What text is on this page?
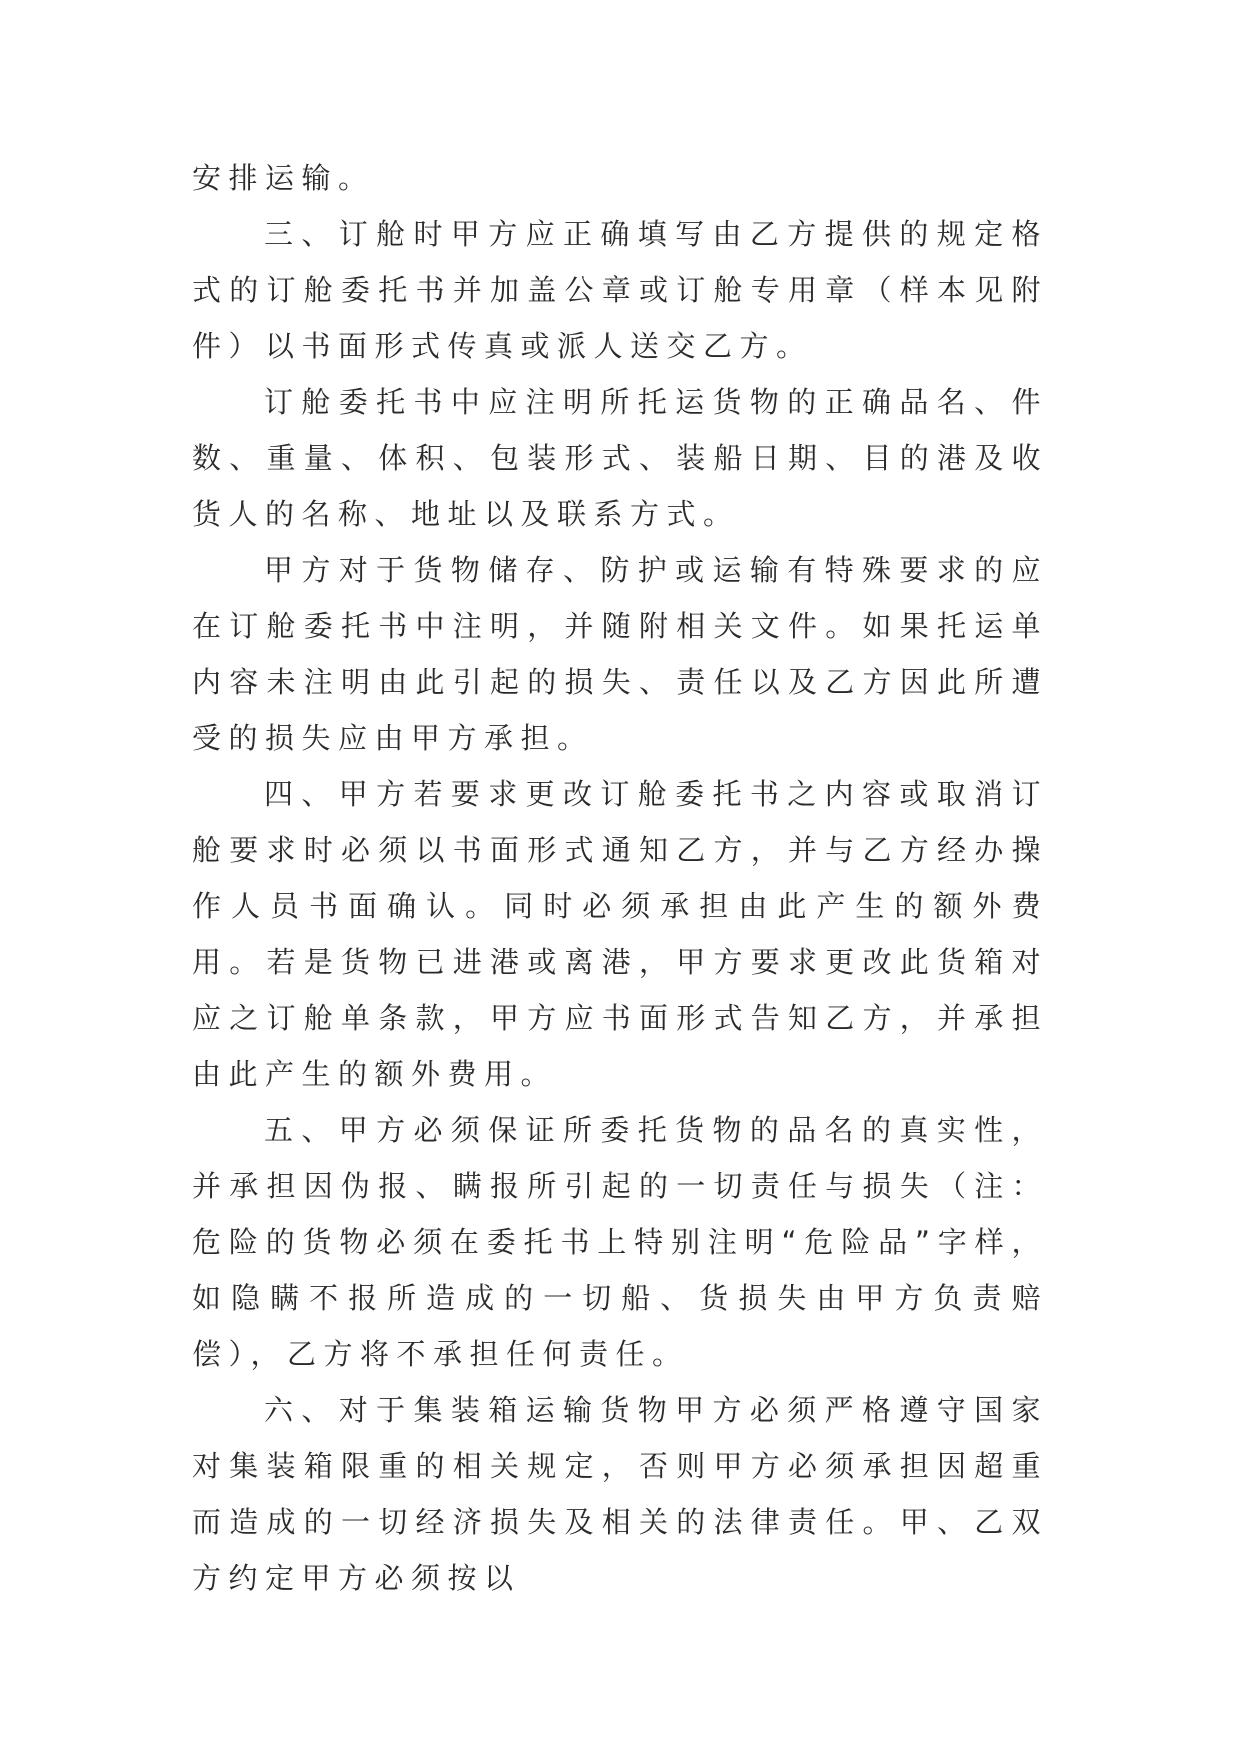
安排运输。

三、订舱时甲方应正确填写由乙方提供的规定格式的订舱委托书并加盖公章或订舱专用章（样本见附件）以书面形式传真或派人送交乙方。

订舱委托书中应注明所托运货物的正确品名、件数、重量、体积、包装形式、装船日期、目的港及收货人的名称、地址以及联系方式。

甲方对于货物储存、防护或运输有特殊要求的应在订舱委托书中注明，并随附相关文件。如果托运单内容未注明由此引起的损失、责任以及乙方因此所遭受的损失应由甲方承担。

四、甲方若要求更改订舱委托书之内容或取消订舱要求时必须以书面形式通知乙方，并与乙方经办操作人员书面确认。同时必须承担由此产生的额外费用。若是货物已进港或离港，甲方要求更改此货箱对应之订舱单条款，甲方应书面形式告知乙方，并承担由此产生的额外费用。

五、甲方必须保证所委托货物的品名的真实性，并承担因伪报、瞒报所引起的一切责任与损失（注：危险的货物必须在委托书上特别注明“危险品”字样，如隐瞒不报所造成的一切船、货损失由甲方负责赔偿），乙方将不承担任何责任。

六、对于集装箱运输货物甲方必须严格遵守国家对集装箱限重的相关规定，否则甲方必须承担因超重而造成的一切经济损失及相关的法律责任。甲、乙双方约定甲方必须按以
